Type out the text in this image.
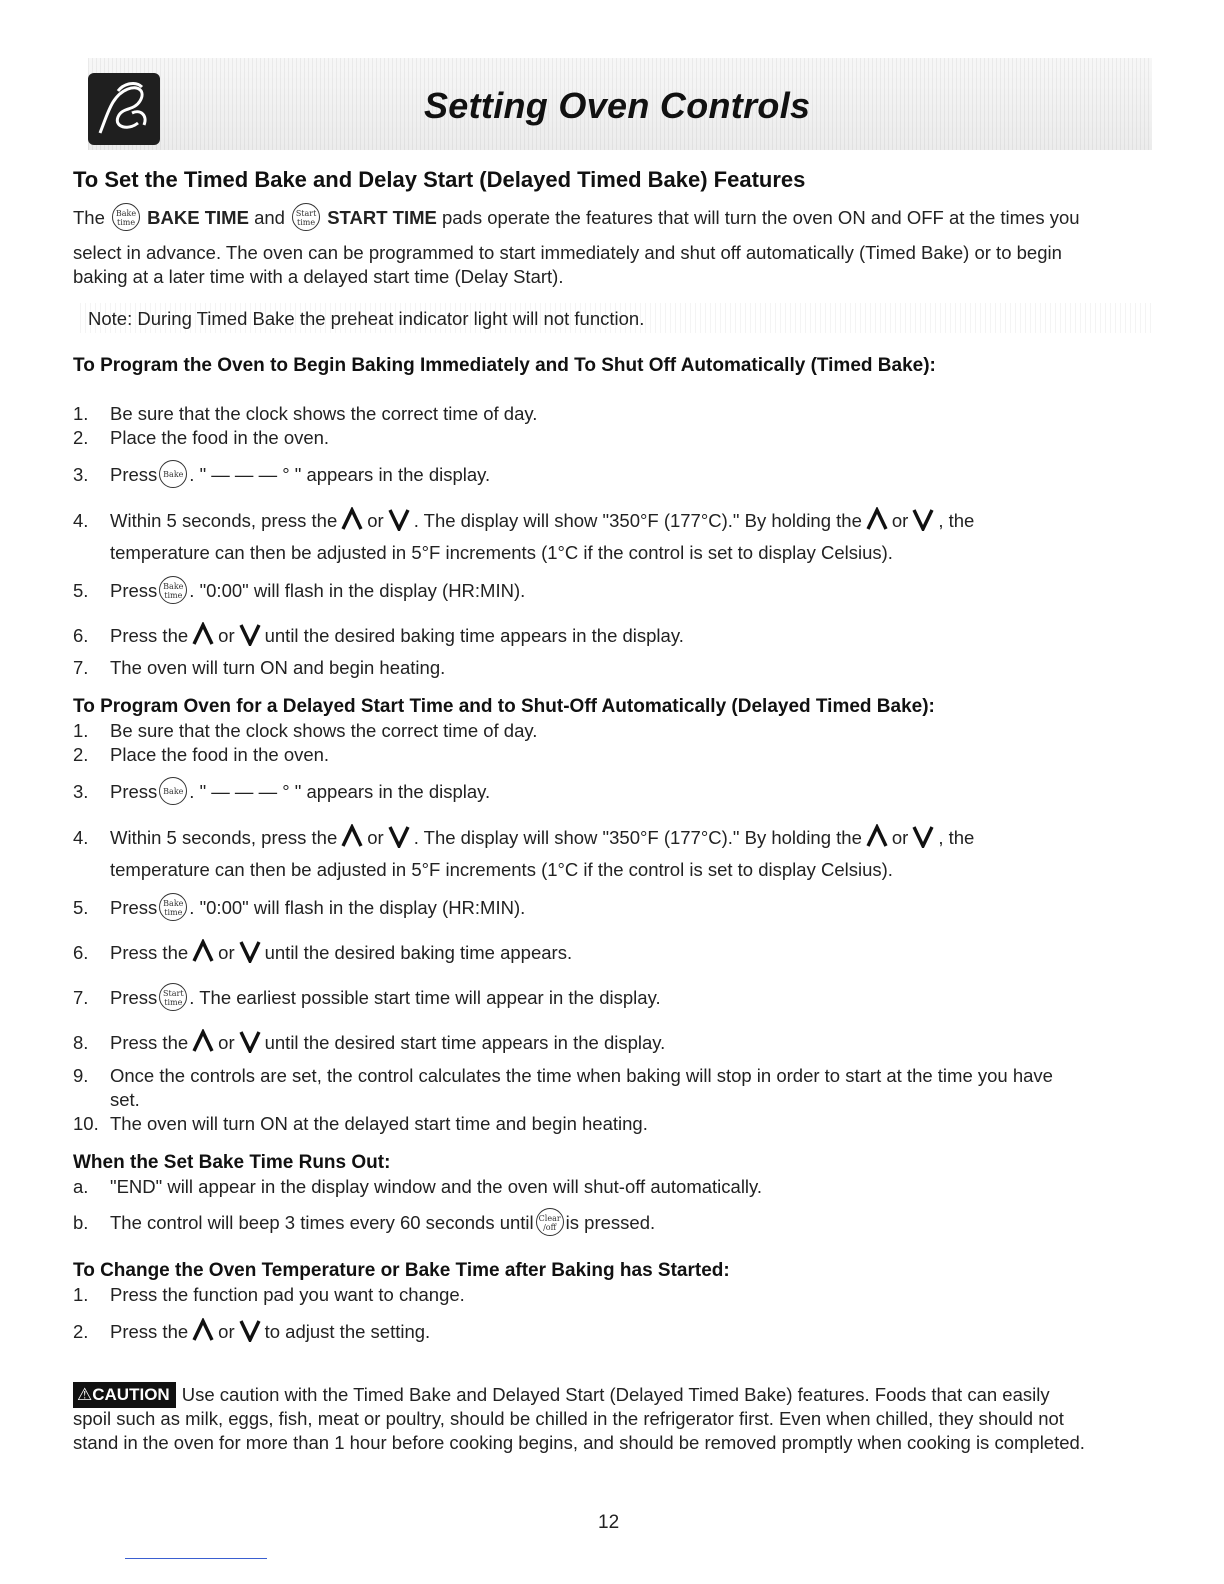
Setting Oven Controls
To Set the Timed Bake and Delay Start (Delayed Timed Bake) Features
The Bake
time BAKE TIME and Start
time START TIME pads operate the features that will turn the oven ON and OFF at the times you
select in advance. The oven can be programmed to start immediately and shut off automatically (Timed Bake) or to begin
baking at a later time with a delayed start time (Delay Start).
Note: During Timed Bake the preheat indicator light will not function.
To Program the Oven to Begin Baking Immediately and To Shut Off Automatically (Timed Bake):
1. Be sure that the clock shows the correct time of day.
2. Place the food in the oven.
3. Press Bake . " — — — ° " appears in the display.
4. Within 5 seconds, press the or . The display will show "350°F (177°C)." By holding the or , the
temperature can then be adjusted in 5°F increments (1°C if the control is set to display Celsius).
5. Press Bake
time . "0:00" will flash in the display (HR:MIN).
6. Press the or until the desired baking time appears in the display.
7. The oven will turn ON and begin heating.
To Program Oven for a Delayed Start Time and to Shut-Off Automatically (Delayed Timed Bake):
1. Be sure that the clock shows the correct time of day.
2. Place the food in the oven.
3. Press Bake . " — — — ° " appears in the display.
4. Within 5 seconds, press the or . The display will show "350°F (177°C)." By holding the or , the
temperature can then be adjusted in 5°F increments (1°C if the control is set to display Celsius).
5. Press Bake
time . "0:00" will flash in the display (HR:MIN).
6. Press the or until the desired baking time appears.
7. Press Start
time . The earliest possible start time will appear in the display.
8. Press the or until the desired start time appears in the display.
9. Once the controls are set, the control calculates the time when baking will stop in order to start at the time you have
set.
10. The oven will turn ON at the delayed start time and begin heating.
When the Set Bake Time Runs Out:
a. "END" will appear in the display window and the oven will shut-off automatically.
b. The control will beep 3 times every 60 seconds until Clear
/off is pressed.
To Change the Oven Temperature or Bake Time after Baking has Started:
1. Press the function pad you want to change.
2. Press the or to adjust the setting.
⚠CAUTION Use caution with the Timed Bake and Delayed Start (Delayed Timed Bake) features. Foods that can easily
spoil such as milk, eggs, fish, meat or poultry, should be chilled in the refrigerator first. Even when chilled, they should not
stand in the oven for more than 1 hour before cooking begins, and should be removed promptly when cooking is completed.
12
